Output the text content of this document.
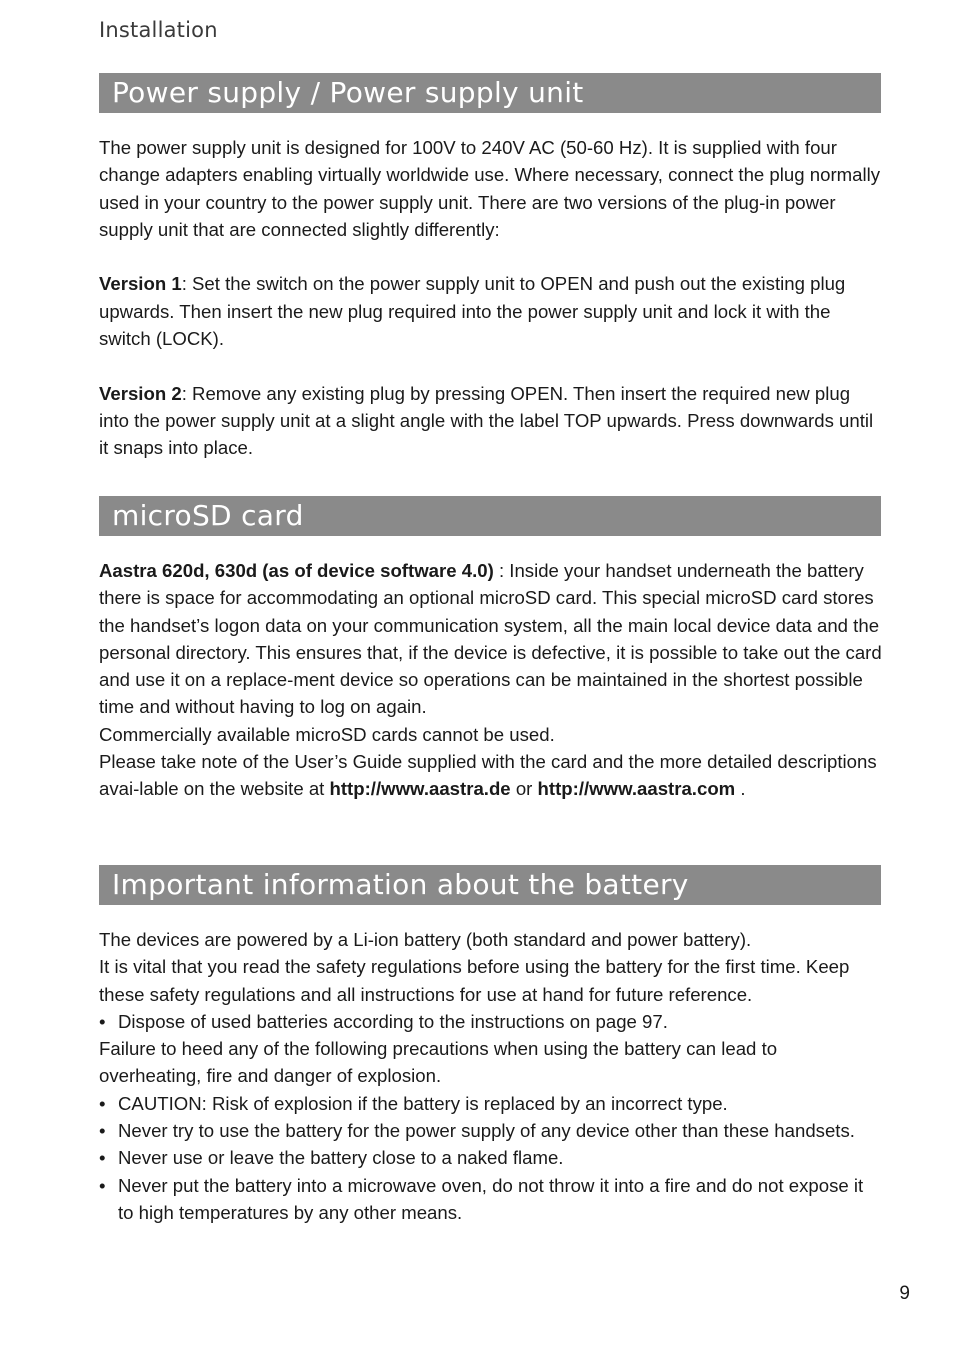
Installation
Power supply / Power supply unit

The power supply unit is designed for 100V to 240V AC (50-60 Hz). It is supplied with four change adapters enabling virtually worldwide use. Where necessary, connect the plug normally used in your country to the power supply unit. There are two versions of the plug-in power supply unit that are connected slightly differently:

Version 1: Set the switch on the power supply unit to OPEN and push out the existing plug upwards. Then insert the new plug required into the power supply unit and lock it with the switch (LOCK).

Version 2: Remove any existing plug by pressing OPEN. Then insert the required new plug into the power supply unit at a slight angle with the label TOP upwards. Press downwards until it snaps into place.

microSD card

Aastra 620d, 630d (as of device software 4.0) : Inside your handset underneath the battery there is space for accommodating an optional microSD card. This special microSD card stores the handset’s logon data on your communication system, all the main local device data and the personal directory. This ensures that, if the device is defective, it is possible to take out the card and use it on a replace-ment device so operations can be maintained in the shortest possible time and without having to log on again.

Commercially available microSD cards cannot be used.

Please take note of the User’s Guide supplied with the card and the more detailed descriptions avai-lable on the website at http://www.aastra.de or http://www.aastra.com .

Important information about the battery

The devices are powered by a Li-ion battery (both standard and power battery).

It is vital that you read the safety regulations before using the battery for the first time. Keep these safety regulations and all instructions for use at hand for future reference.

• Dispose of used batteries according to the instructions on page 97.

Failure to heed any of the following precautions when using the battery can lead to overheating, fire and danger of explosion.

• CAUTION: Risk of explosion if the battery is replaced by an incorrect type.
• Never try to use the battery for the power supply of any device other than these handsets.
• Never use or leave the battery close to a naked flame.
• Never put the battery into a microwave oven, do not throw it into a fire and do not expose it to high temperatures by any other means.
9
